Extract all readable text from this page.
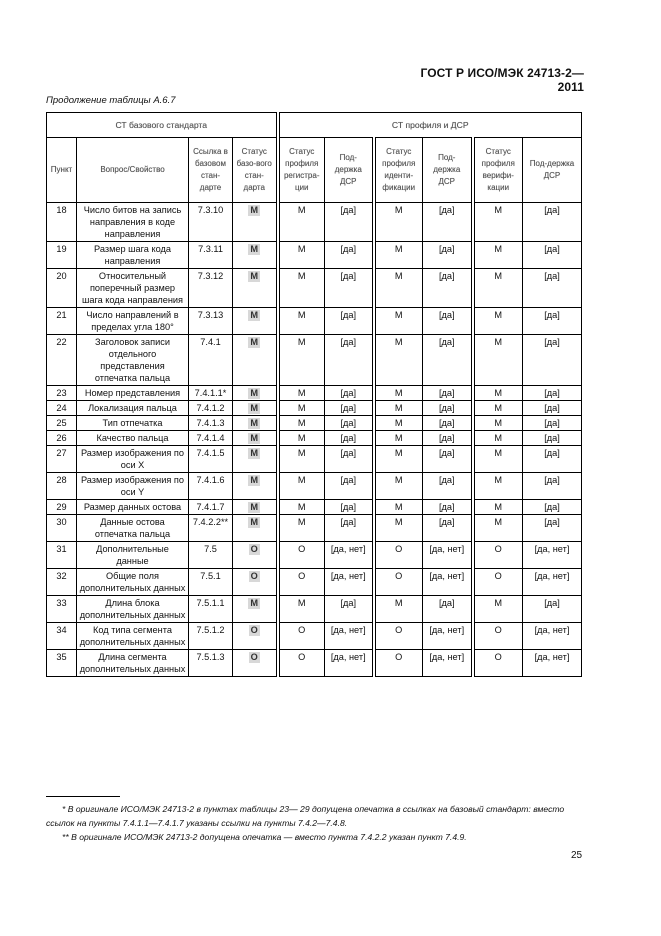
ГОСТ Р ИСО/МЭК 24713-2—2011
Продолжение таблицы А.6.7
СТ базового стандарта				СТ профиля и ДСР					
Пункт	Вопрос/Свойство	Ссылка в базовом стан-дарте	Статус базо-вого стан-дарта	Статус профиля регистра-ции	Под-держка ДСР	Статус профиля иденти-фикации	Под-держка ДСР	Статус профиля верифи-кации	Под-держка ДСР
18	Число битов на запись направления в коде направления	7.3.10	М	М	[да]	М	[да]	М	[да]
19	Размер шага кода направления	7.3.11	М	М	[да]	М	[да]	М	[да]
20	Относительный поперечный размер шага кода направления	7.3.12	М	М	[да]	М	[да]	М	[да]
21	Число направлений в пределах угла 180°	7.3.13	М	М	[да]	М	[да]	М	[да]
22	Заголовок записи отдельного представления отпечатка пальца	7.4.1	М	М	[да]	М	[да]	М	[да]
23	Номер представления	7.4.1.1*	М	М	[да]	М	[да]	М	[да]
24	Локализация пальца	7.4.1.2	М	М	[да]	М	[да]	М	[да]
25	Тип отпечатка	7.4.1.3	М	М	[да]	М	[да]	М	[да]
26	Качество пальца	7.4.1.4	М	М	[да]	М	[да]	М	[да]
27	Размер изображения по оси X	7.4.1.5	М	М	[да]	М	[да]	М	[да]
28	Размер изображения по оси Y	7.4.1.6	М	М	[да]	М	[да]	М	[да]
29	Размер данных остова	7.4.1.7	М	М	[да]	М	[да]	М	[да]
30	Данные остова отпечатка пальца	7.4.2.2**	М	М	[да]	М	[да]	М	[да]
31	Дополнительные данные	7.5	О	О	[да, нет]	О	[да, нет]	О	[да, нет]
32	Общие поля дополнительных данных	7.5.1	О	О	[да, нет]	О	[да, нет]	О	[да, нет]
33	Длина блока дополнительных данных	7.5.1.1	М	М	[да]	М	[да]	М	[да]
34	Код типа сегмента дополнительных данных	7.5.1.2	О	О	[да, нет]	О	[да, нет]	О	[да, нет]
35	Длина сегмента дополнительных данных	7.5.1.3	О	О	[да, нет]	О	[да, нет]	О	[да, нет]
* В оригинале ИСО/МЭК 24713-2 в пунктах таблицы 23— 29 допущена опечатка в ссылках на базовый стандарт: вместо ссылок на пункты 7.4.1.1—7.4.1.7 указаны ссылки на пункты 7.4.2—7.4.8.
** В оригинале ИСО/МЭК 24713-2 допущена опечатка — вместо пункта 7.4.2.2 указан пункт 7.4.9.
25
